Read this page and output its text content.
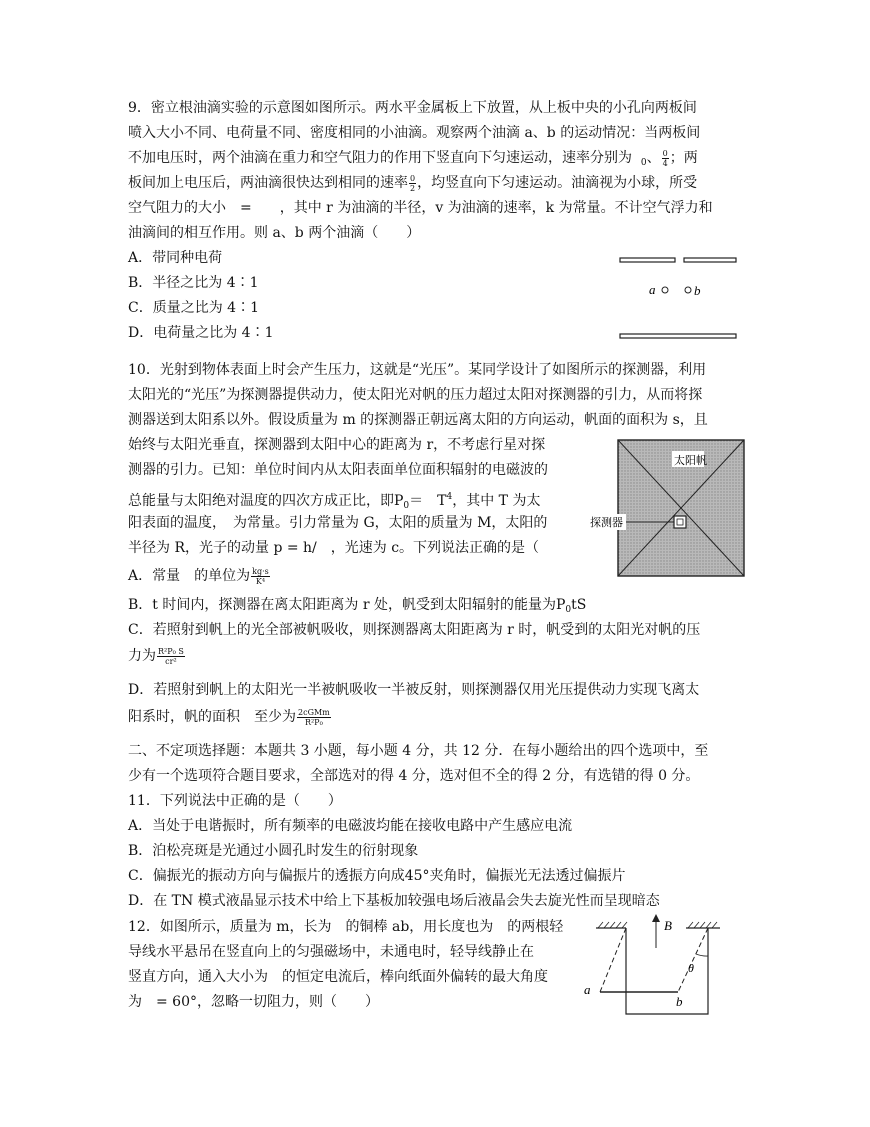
9．密立根油滴实验的示意图如图所示。两水平金属板上下放置，从上板中央的小孔向两板间
喷入大小不同、电荷量不同、密度相同的小油滴。观察两个油滴 a、b 的运动情况：当两板间
不加电压时，两个油滴在重力和空气阻力的作用下竖直向下匀速运动，速率分别为 $_0$、 $\frac{0}{4}$ ；两
板间加上电压后，两油滴很快达到相同的速率 $\frac{0}{2}$ ，均竖直向下匀速运动。油滴视为小球，所受
空气阻力的大小　=　　，其中 r 为油滴的半径，v 为油滴的速率，k 为常量。不计空气浮力和
油滴间的相互作用。则 a、b 两个油滴（　　）
A．带同种电荷
B．半径之比为 4∶1
C．质量之比为 4∶1
D．电荷量之比为 4∶1
a	b
10．光射到物体表面上时会产生压力，这就是“光压”。某同学设计了如图所示的探测器，利用
太阳光的“光压”为探测器提供动力，使太阳光对帆的压力超过太阳对探测器的引力，从而将探
测器送到太阳系以外。假设质量为 m 的探测器正朝远离太阳的方向运动，帆面的面积为 s，且
始终与太阳光垂直，探测器到太阳中心的距离为 r，不考虑行星对探
测器的引力。已知：单位时间内从太阳表面单位面积辐射的电磁波的
总能量与太阳绝对温度的四次方成正比，即$P_0=$　$T^4$，其中 T 为太
阳表面的温度，　为常量。引力常量为 G，太阳的质量为 M，太阳的
半径为 R，光子的动量 p = h/　，光速为 c。下列说法正确的是（
A．常量　的单位为 $\frac{kg\cdot s}{\text{K⁴}}$
B．t 时间内，探测器在离太阳距离为 r 处，帆受到太阳辐射的能量为$P_0tS$
C．若照射到帆上的光全部被帆吸收，则探测器离太阳距离为 r 时，帆受到的太阳光对帆的压
力为 $\frac{\text{R²P₀ S}}{\text{cr²}}$
D．若照射到帆上的太阳光一半被帆吸收一半被反射，则探测器仅用光压提供动力实现飞离太
阳系时，帆的面积　至少为 $\frac{\text{2cGMm}}{\text{R²P₀}}$
太阳帆
探测器
二、不定项选择题：本题共 3 小题，每小题 4 分，共 12 分．在每小题给出的四个选项中，至
少有一个选项符合题目要求，全部选对的得 4 分，选对但不全的得 2 分，有选错的得 0 分。
11．下列说法中正确的是（　　）
A．当处于电谐振时，所有频率的电磁波均能在接收电路中产生感应电流
B．泊松亮斑是光通过小圆孔时发生的衍射现象
C．偏振光的振动方向与偏振片的透振方向成45°夹角时，偏振光无法透过偏振片
D．在 TN 模式液晶显示技术中给上下基板加较强电场后液晶会失去旋光性而呈现暗态
12．如图所示，质量为 m，长为　的铜棒 ab，用长度也为　的两根轻
导线水平悬吊在竖直向上的匀强磁场中，未通电时，轻导线静止在
竖直方向，通入大小为　的恒定电流后，棒向纸面外偏转的最大角度
为　= 60°，忽略一切阻力，则（　　）
B
θ
a
b
